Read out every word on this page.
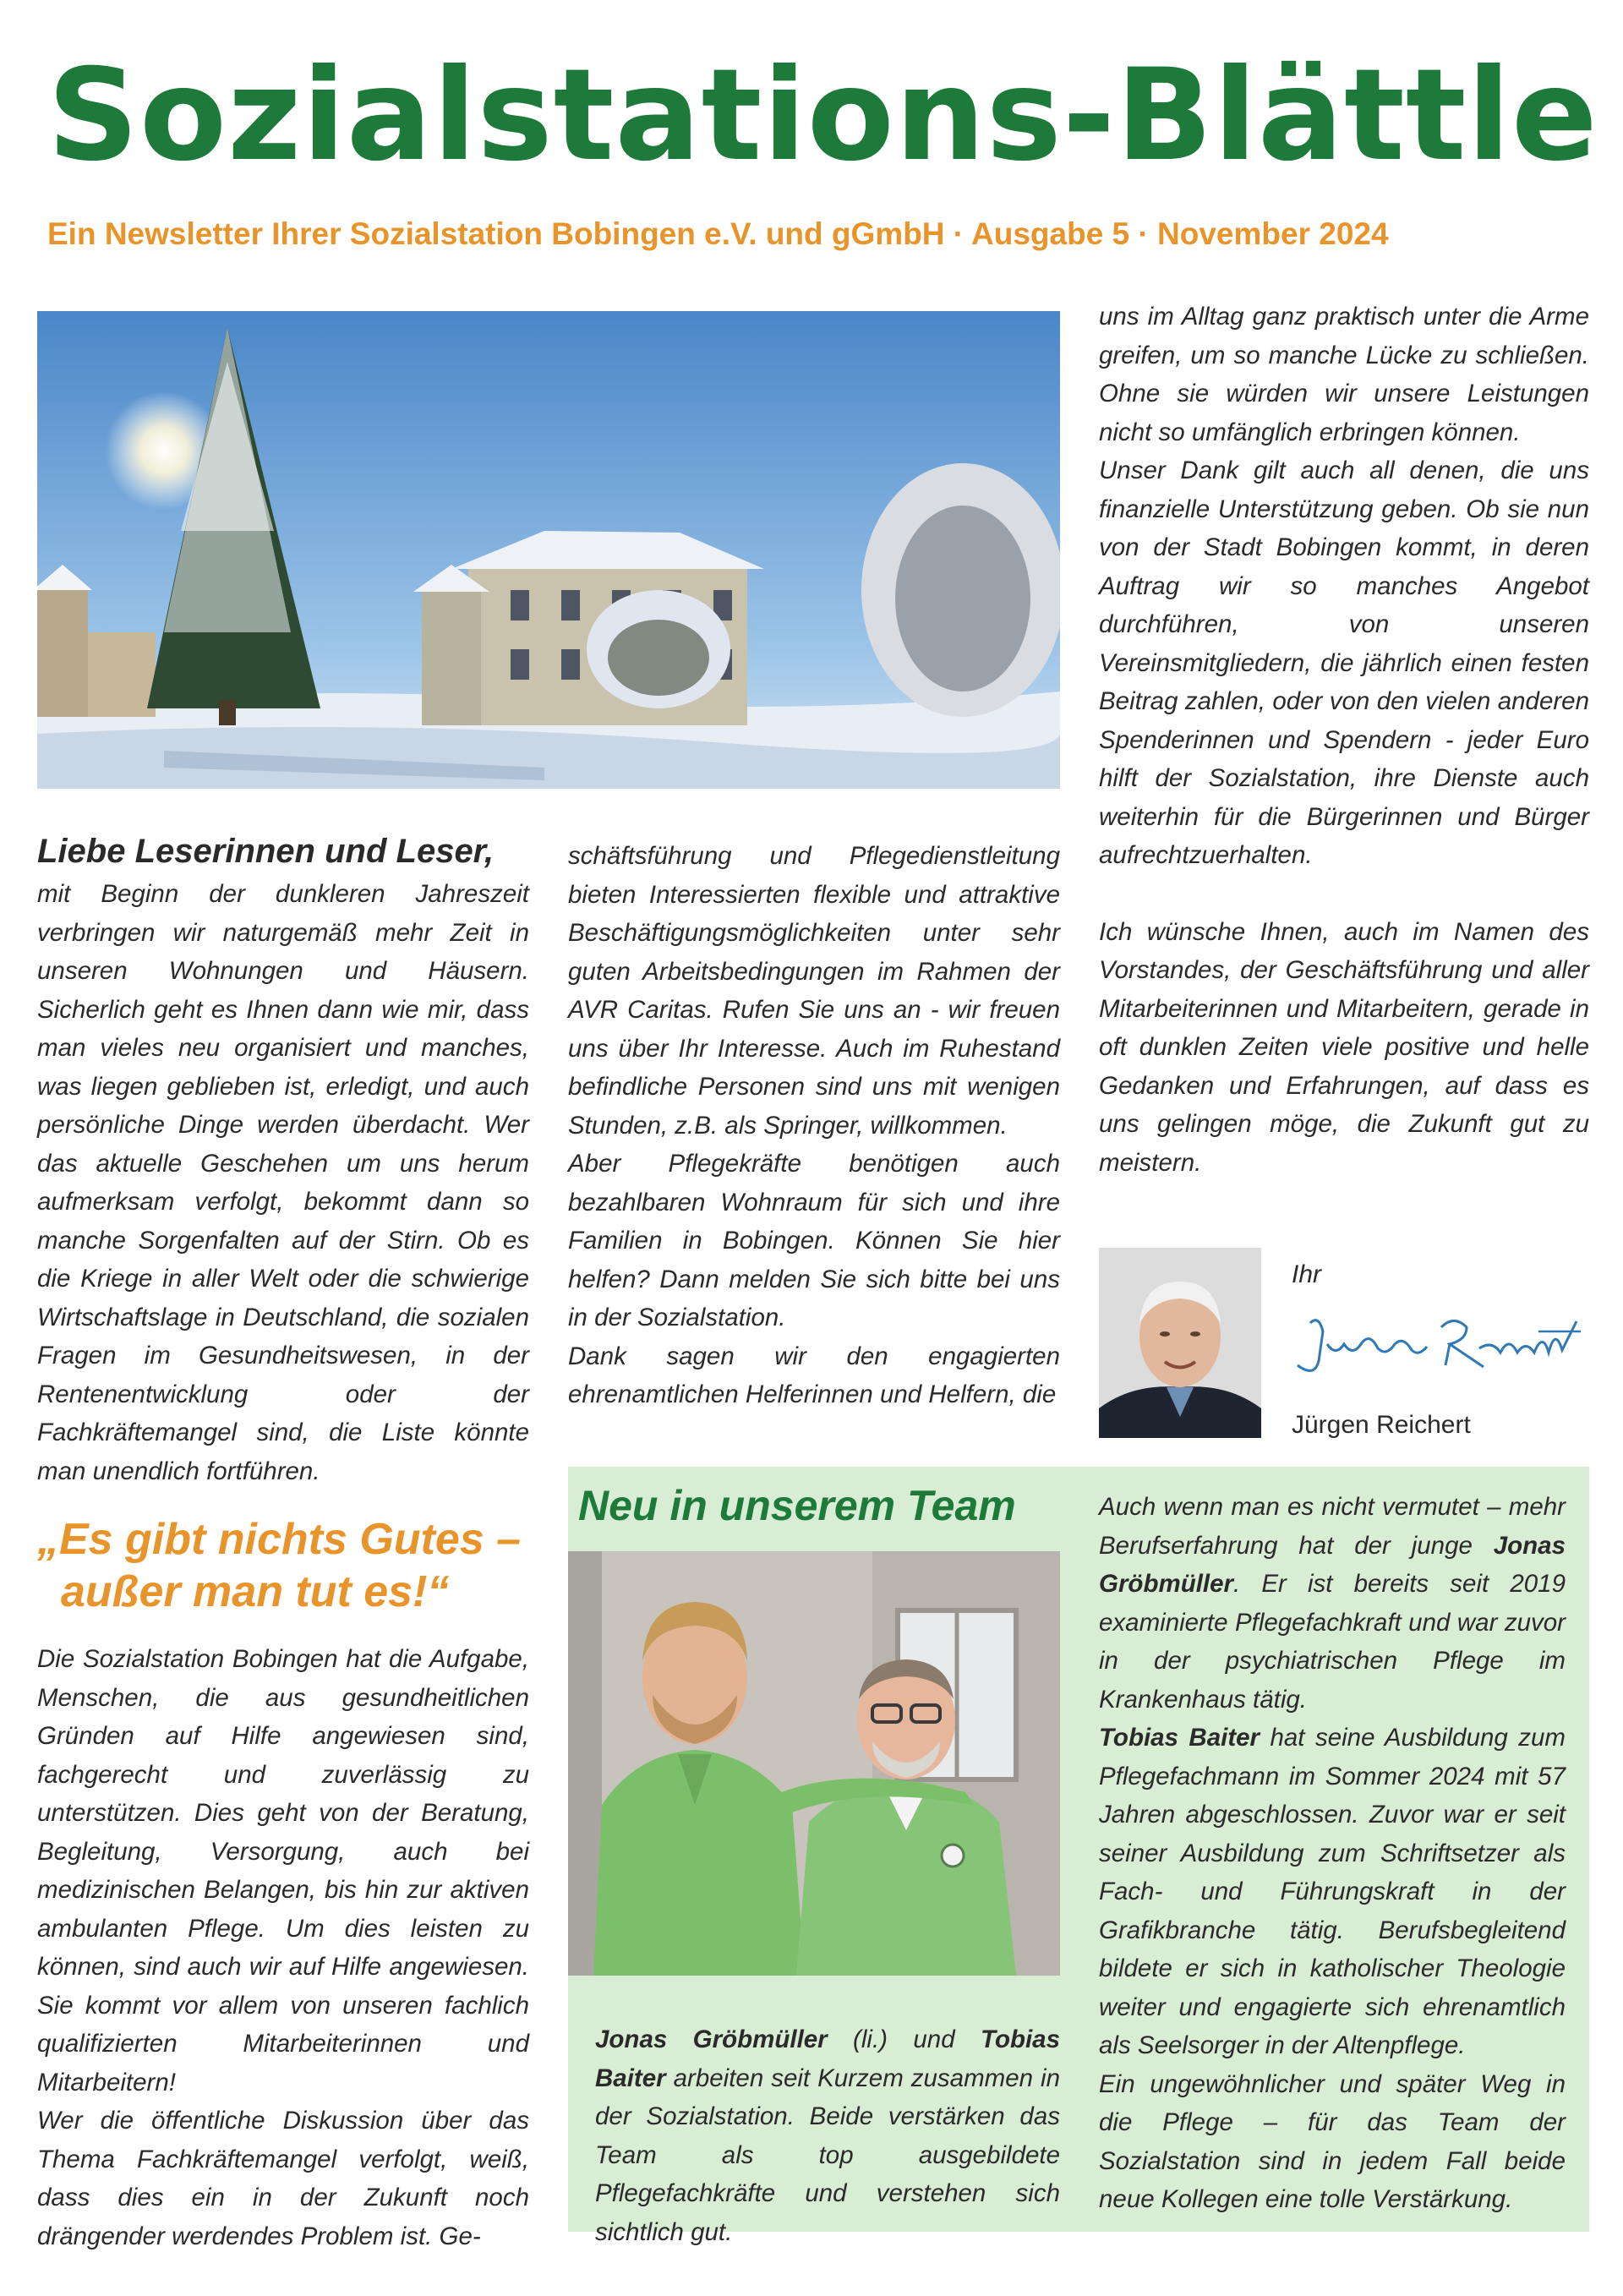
Sozialstations-Blättle
Ein Newsletter Ihrer Sozialstation Bobingen e.V. und gGmbH · Ausgabe 5 · November 2024
Liebe Leserinnen und Leser,

mit Beginn der dunkleren Jahreszeit verbringen wir naturgemäß mehr Zeit in unseren Wohnungen und Häusern. Sicherlich geht es Ihnen dann wie mir, dass man vieles neu organisiert und manches, was liegen geblieben ist, erledigt, und auch persönliche Dinge werden überdacht. Wer das aktuelle Geschehen um uns herum aufmerksam verfolgt, bekommt dann so manche Sorgenfalten auf der Stirn. Ob es die Kriege in aller Welt oder die schwierige Wirtschaftslage in Deutschland, die sozialen Fragen im Gesundheitswesen, in der Rentenentwicklung oder der Fachkräftemangel sind, die Liste könnte man unendlich fortführen.

schäftsführung und Pflegedienstleitung bieten Interessierten flexible und attraktive Beschäftigungsmöglichkeiten unter sehr guten Arbeitsbedingungen im Rahmen der AVR Caritas. Rufen Sie uns an - wir freuen uns über Ihr Interesse. Auch im Ruhestand befindliche Personen sind uns mit wenigen Stunden, z.B. als Springer, willkommen.

Aber Pflegekräfte benötigen auch bezahlbaren Wohnraum für sich und ihre Familien in Bobingen. Können Sie hier helfen? Dann melden Sie sich bitte bei uns in der Sozialstation.

Dank sagen wir den engagierten ehrenamtlichen Helferinnen und Helfern, die

uns im Alltag ganz praktisch unter die Arme greifen, um so manche Lücke zu schließen. Ohne sie würden wir unsere Leistungen nicht so umfänglich erbringen können.

Unser Dank gilt auch all denen, die uns finanzielle Unterstützung geben. Ob sie nun von der Stadt Bobingen kommt, in deren Auftrag wir so manches Angebot durchführen, von unseren Vereinsmitgliedern, die jährlich einen festen Beitrag zahlen, oder von den vielen anderen Spenderinnen und Spendern - jeder Euro hilft der Sozialstation, ihre Dienste auch weiterhin für die Bürgerinnen und Bürger aufrechtzuerhalten.

Ich wünsche Ihnen, auch im Namen des Vorstandes, der Geschäftsführung und aller Mitarbeiterinnen und Mitarbeitern, gerade in oft dunklen Zeiten viele positive und helle Gedanken und Erfahrungen, auf dass es uns gelingen möge, die Zukunft gut zu meistern.

Ihr
Jürgen Reichert
„Es gibt nichts Gutes –
außer man tut es!“

Die Sozialstation Bobingen hat die Aufgabe, Menschen, die aus gesundheitlichen Gründen auf Hilfe angewiesen sind, fachgerecht und zuverlässig zu unterstützen. Dies geht von der Beratung, Begleitung, Versorgung, auch bei medizinischen Belangen, bis hin zur aktiven ambulanten Pflege. Um dies leisten zu können, sind auch wir auf Hilfe angewiesen. Sie kommt vor allem von unseren fachlich qualifizierten Mitarbeiterinnen und Mitarbeitern!

Wer die öffentliche Diskussion über das Thema Fachkräftemangel verfolgt, weiß, dass dies ein in der Zukunft noch drängender werdendes Problem ist. Ge-

Neu in unserem Team

Jonas Gröbmüller (li.) und Tobias Baiter arbeiten seit Kurzem zusammen in der Sozialstation. Beide verstärken das Team als top ausgebildete Pflegefachkräfte und verstehen sich sichtlich gut.

Auch wenn man es nicht vermutet – mehr Berufserfahrung hat der junge Jonas Gröbmüller. Er ist bereits seit 2019 examinierte Pflegefachkraft und war zuvor in der psychiatrischen Pflege im Krankenhaus tätig.

Tobias Baiter hat seine Ausbildung zum Pflegefachmann im Sommer 2024 mit 57 Jahren abgeschlossen. Zuvor war er seit seiner Ausbildung zum Schriftsetzer als Fach- und Führungskraft in der Grafikbranche tätig. Berufsbegleitend bildete er sich in katholischer Theologie weiter und engagierte sich ehrenamtlich als Seelsorger in der Altenpflege.

Ein ungewöhnlicher und später Weg in die Pflege – für das Team der Sozialstation sind in jedem Fall beide neue Kollegen eine tolle Verstärkung.
